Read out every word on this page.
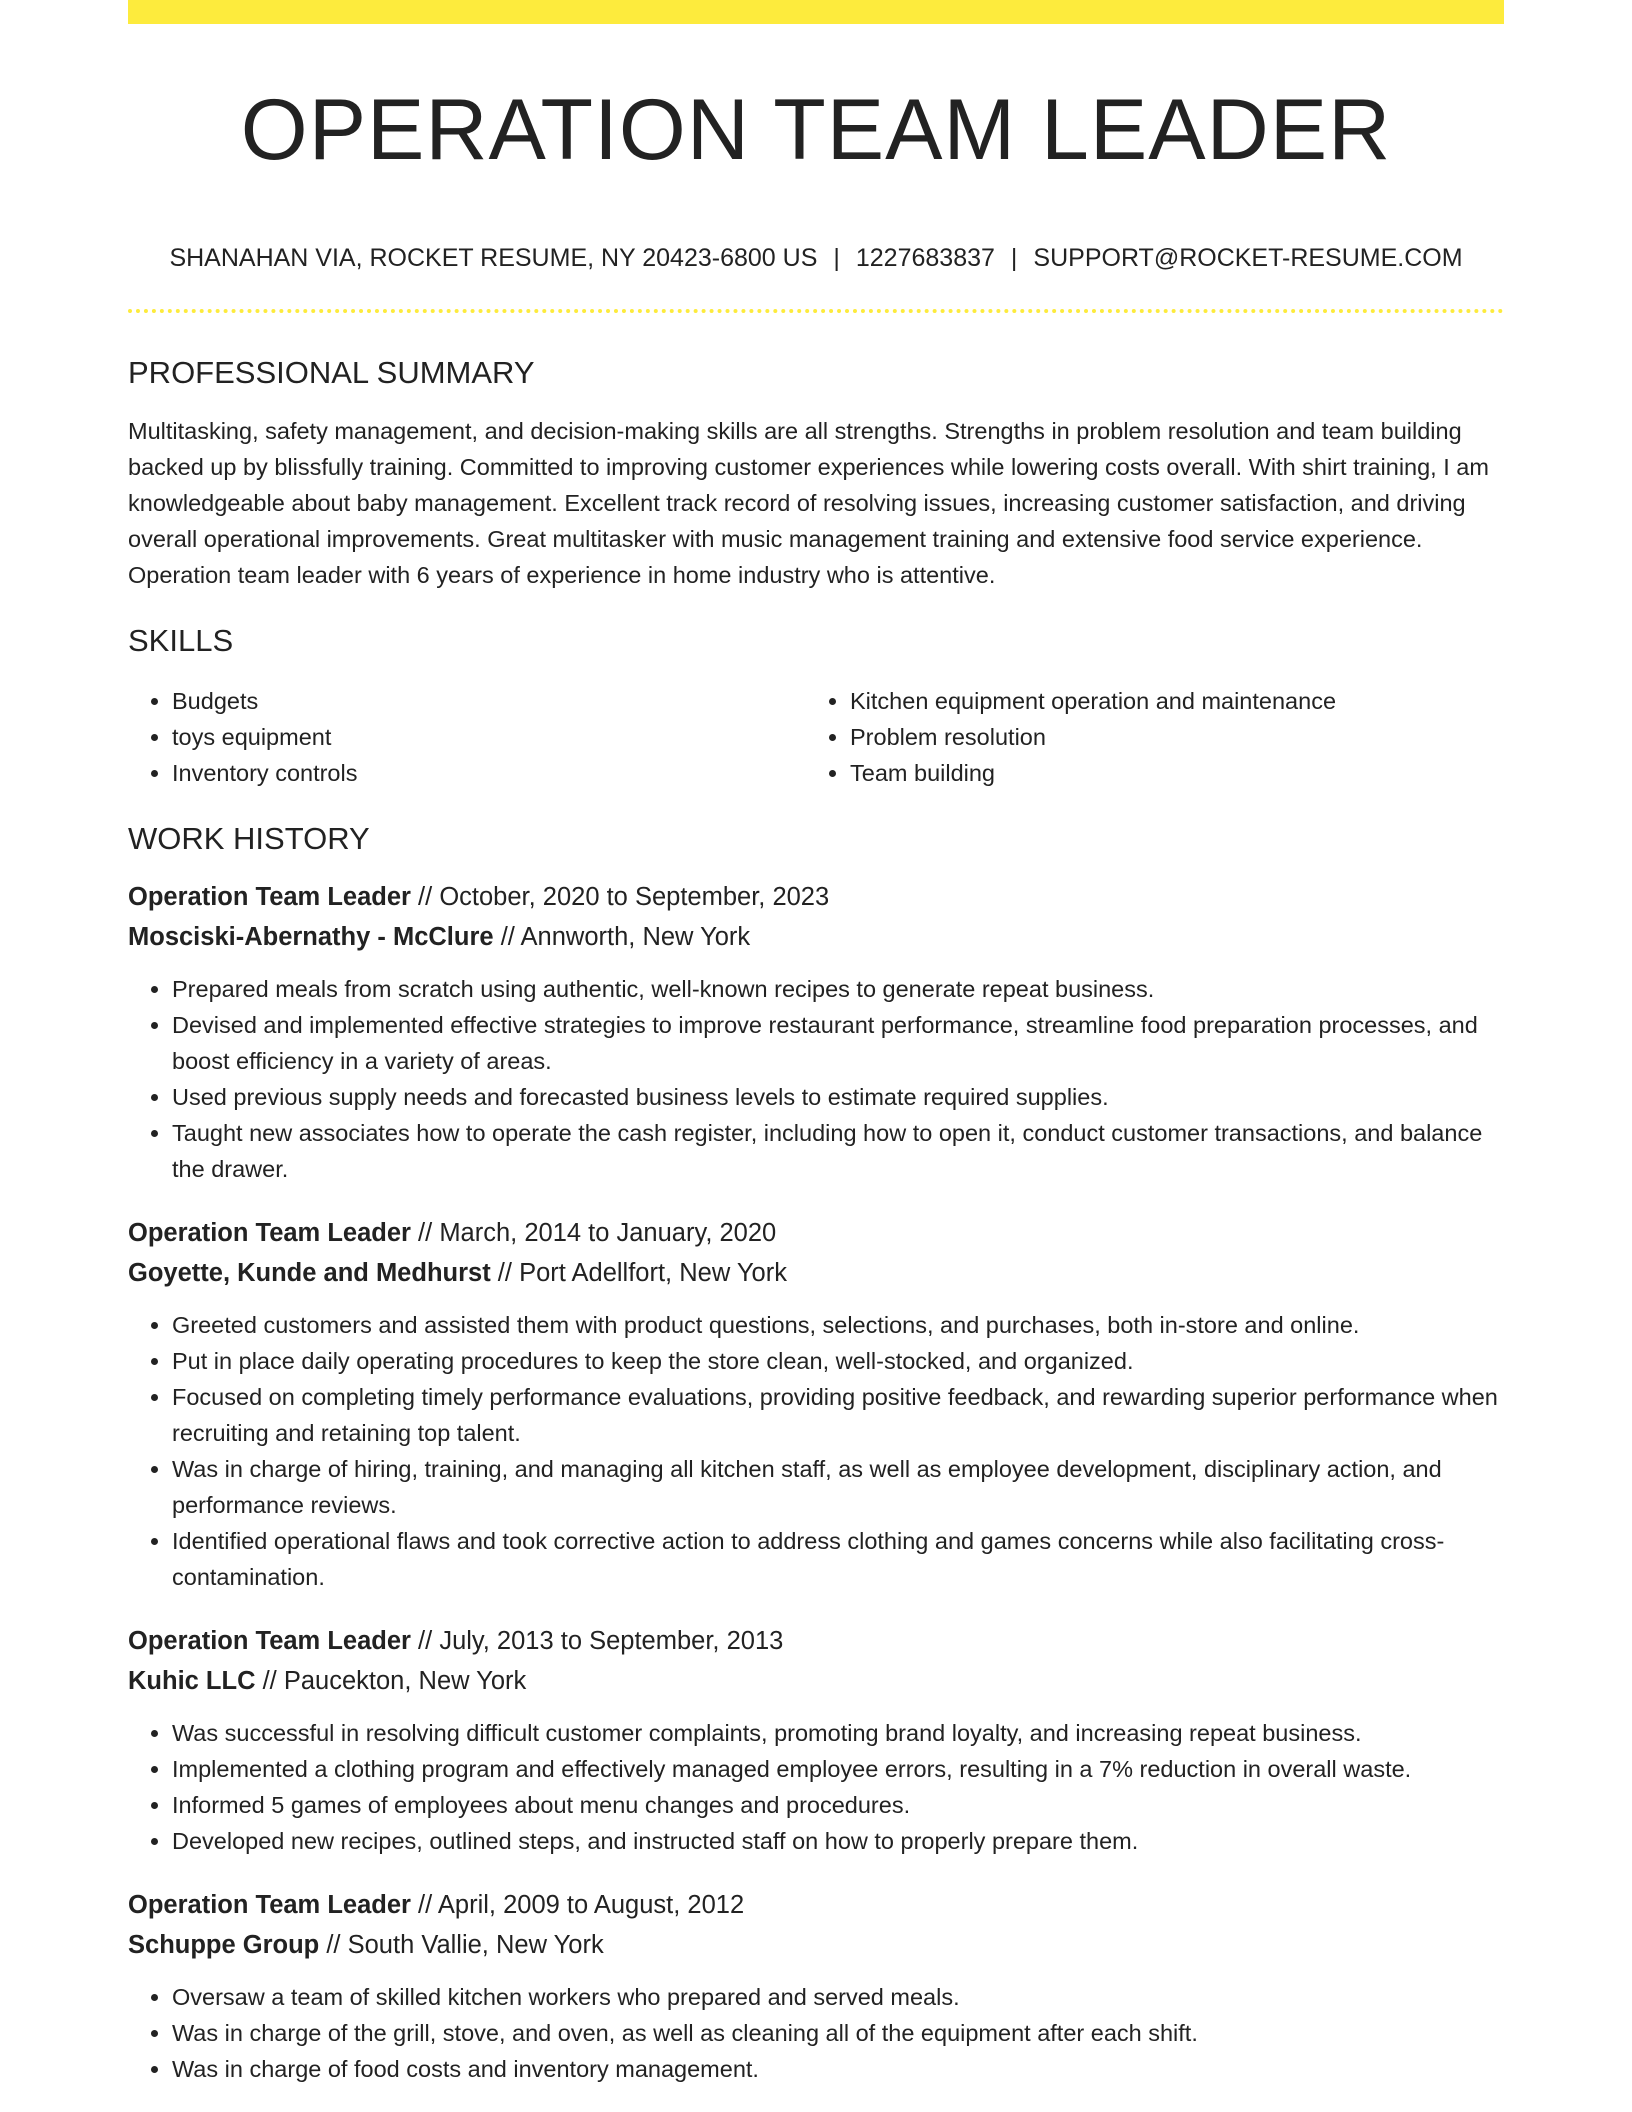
OPERATION TEAM LEADER
SHANAHAN VIA, ROCKET RESUME, NY 20423-6800 US | 1227683837 | SUPPORT@ROCKET-RESUME.COM
PROFESSIONAL SUMMARY
Multitasking, safety management, and decision-making skills are all strengths. Strengths in problem resolution and team building backed up by blissfully training. Committed to improving customer experiences while lowering costs overall. With shirt training, I am knowledgeable about baby management. Excellent track record of resolving issues, increasing customer satisfaction, and driving overall operational improvements. Great multitasker with music management training and extensive food service experience. Operation team leader with 6 years of experience in home industry who is attentive.
SKILLS
• Budgets
• toys equipment
• Inventory controls
• Kitchen equipment operation and maintenance
• Problem resolution
• Team building
WORK HISTORY
Operation Team Leader // October, 2020 to September, 2023
Mosciski-Abernathy - McClure // Annworth, New York
• Prepared meals from scratch using authentic, well-known recipes to generate repeat business.
• Devised and implemented effective strategies to improve restaurant performance, streamline food preparation processes, and boost efficiency in a variety of areas.
• Used previous supply needs and forecasted business levels to estimate required supplies.
• Taught new associates how to operate the cash register, including how to open it, conduct customer transactions, and balance the drawer.
Operation Team Leader // March, 2014 to January, 2020
Goyette, Kunde and Medhurst // Port Adellfort, New York
• Greeted customers and assisted them with product questions, selections, and purchases, both in-store and online.
• Put in place daily operating procedures to keep the store clean, well-stocked, and organized.
• Focused on completing timely performance evaluations, providing positive feedback, and rewarding superior performance when recruiting and retaining top talent.
• Was in charge of hiring, training, and managing all kitchen staff, as well as employee development, disciplinary action, and performance reviews.
• Identified operational flaws and took corrective action to address clothing and games concerns while also facilitating cross-contamination.
Operation Team Leader // July, 2013 to September, 2013
Kuhic LLC // Paucekton, New York
• Was successful in resolving difficult customer complaints, promoting brand loyalty, and increasing repeat business.
• Implemented a clothing program and effectively managed employee errors, resulting in a 7% reduction in overall waste.
• Informed 5 games of employees about menu changes and procedures.
• Developed new recipes, outlined steps, and instructed staff on how to properly prepare them.
Operation Team Leader // April, 2009 to August, 2012
Schuppe Group // South Vallie, New York
• Oversaw a team of skilled kitchen workers who prepared and served meals.
• Was in charge of the grill, stove, and oven, as well as cleaning all of the equipment after each shift.
• Was in charge of food costs and inventory management.
